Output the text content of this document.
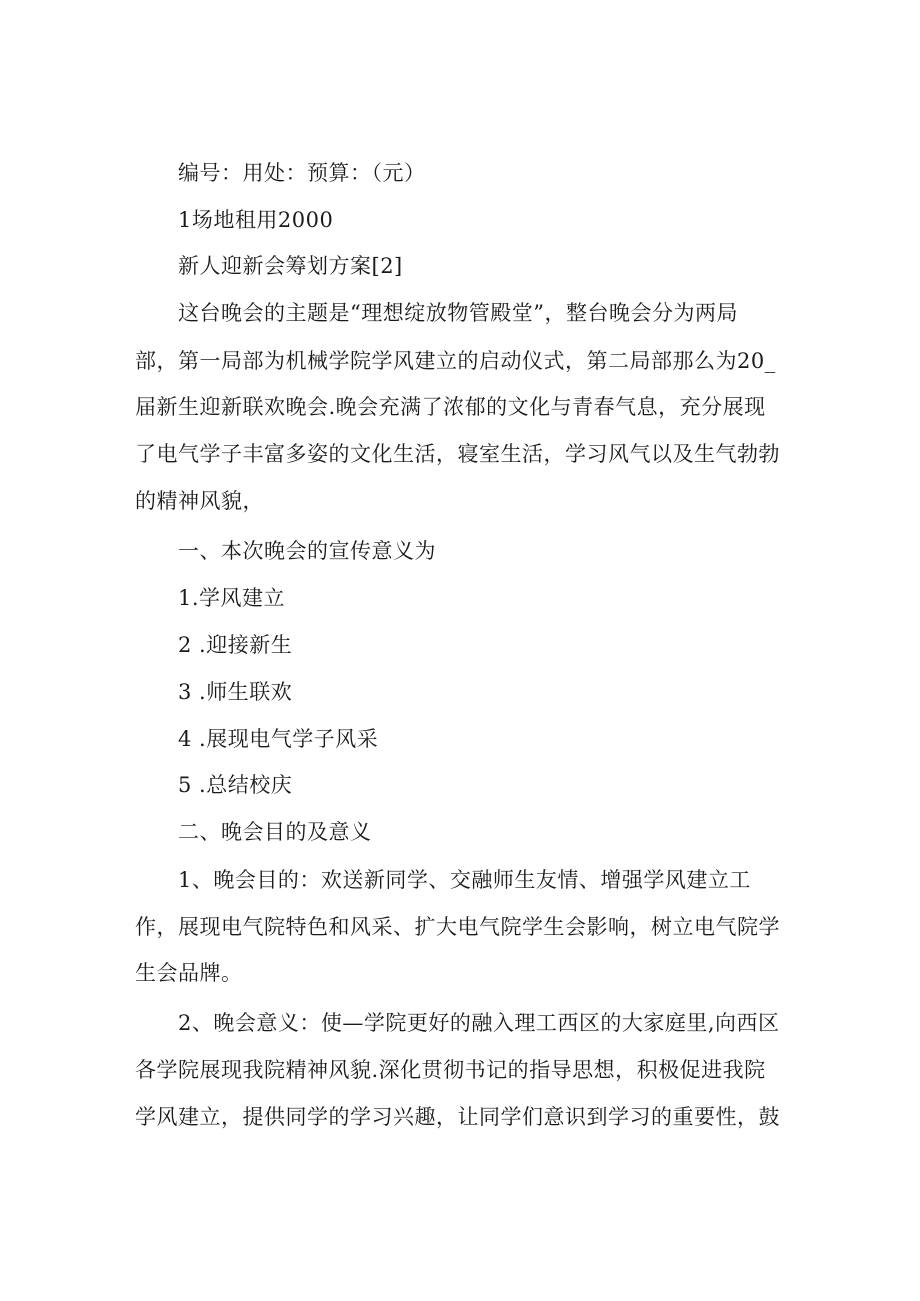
编号：用处：预算：（元）
1场地租用2000
新人迎新会筹划方案[2]
这台晚会的主题是“理想绽放物管殿堂”，整台晚会分为两局
部，第一局部为机械学院学风建立的启动仪式，第二局部那么为20_
届新生迎新联欢晚会.晚会充满了浓郁的文化与青春气息，充分展现
了电气学子丰富多姿的文化生活，寝室生活，学习风气以及生气勃勃
的精神风貌，
一、本次晚会的宣传意义为
1.学风建立
2 .迎接新生
3 .师生联欢
4 .展现电气学子风采
5 .总结校庆
二、晚会目的及意义
1、晚会目的：欢送新同学、交融师生友情、增强学风建立工
作，展现电气院特色和风采、扩大电气院学生会影响，树立电气院学
生会品牌。
2、晚会意义：使—学院更好的融入理工西区的大家庭里,向西区
各学院展现我院精神风貌.深化贯彻书记的指导思想，积极促进我院
学风建立，提供同学的学习兴趣，让同学们意识到学习的重要性，鼓
